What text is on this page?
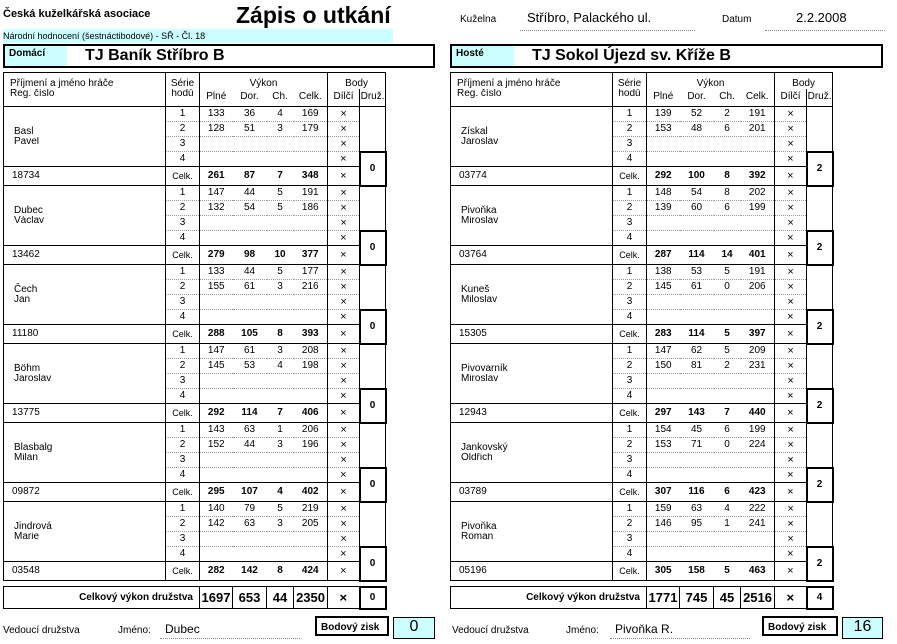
Česká kuželkářská asociace	Zápis o utkání
Národní hodnocení (šestnáctibodové) - SŘ - Čl. 18
Kuželna Stříbro, Palackého ul.	Datum	2.2.2008
Domácí	TJ Baník Stříbro B	Hosté	TJ Sokol Újezd sv. Kříže B
Příjmení a jméno hráče	Série	Výkon				Body	
Reg. číslo	hodů	Plné	Dor.	Ch.	Celk.	Dílčí	Druž.
Basl	1	133	36	4	169	×	
	2	128	51	3	179	×	
Pavel	3					×	
	4					×	0
18734	Celk.	261	87	7	348	×	
Dubec	1	147	44	5	191	×	
	2	132	54	5	186	×	
Václav	3					×	
	4					×	0
13462	Celk.	279	98	10	377	×	
Čech	1	133	44	5	177	×	
	2	155	61	3	216	×	
Jan	3					×	
	4					×	0
11180	Celk.	288	105	8	393	×	
Böhm	1	147	61	3	208	×	
	2	145	53	4	198	×	
Jaroslav	3					×	
	4					×	0
13775	Celk.	292	114	7	406	×	
Blasbalg	1	143	63	1	206	×	
	2	152	44	3	196	×	
Milan	3					×	
	4					×	0
09872	Celk.	295	107	4	402	×	
Jindrová	1	140	79	5	219	×	
	2	142	63	3	205	×	
Marie	3					×	
	4					×	0
03548	Celk.	282	142	8	424	×	

Celkový výkon družstva		1697	653	44	2350	×	0
Příjmení a jméno hráče	Série	Výkon				Body	
Reg. číslo	hodů	Plné	Dor.	Ch.	Celk.	Dílčí	Druž.
Získal	1	139	52	2	191	×	
	2	153	48	6	201	×	
Jaroslav	3					×	
	4					×	2
03774	Celk.	292	100	8	392	×	
Pivoňka	1	148	54	8	202	×	
	2	139	60	6	199	×	
Miroslav	3					×	
	4					×	2
03764	Celk.	287	114	14	401	×	
Kuneš	1	138	53	5	191	×	
	2	145	61	0	206	×	
Miloslav	3					×	
	4					×	2
15305	Celk.	283	114	5	397	×	
Pivovarník	1	147	62	5	209	×	
	2	150	81	2	231	×	
Miroslav	3					×	
	4					×	2
12943	Celk.	297	143	7	440	×	
Jankovský	1	154	45	6	199	×	
	2	153	71	0	224	×	
Oldřich	3					×	
	4					×	2
03789	Celk.	307	116	6	423	×	
Pivoňka	1	159	63	4	222	×	
	2	146	95	1	241	×	
Roman	3					×	
	4					×	2
05196	Celk.	305	158	5	463	×	

Celkový výkon družstva		1771	745	45	2516	×	4
Vedoucí družstva	Jméno: Dubec	Bodový zisk	0	Vedoucí družstva	Jméno: Pivoňka R.	Bodový zisk	16
